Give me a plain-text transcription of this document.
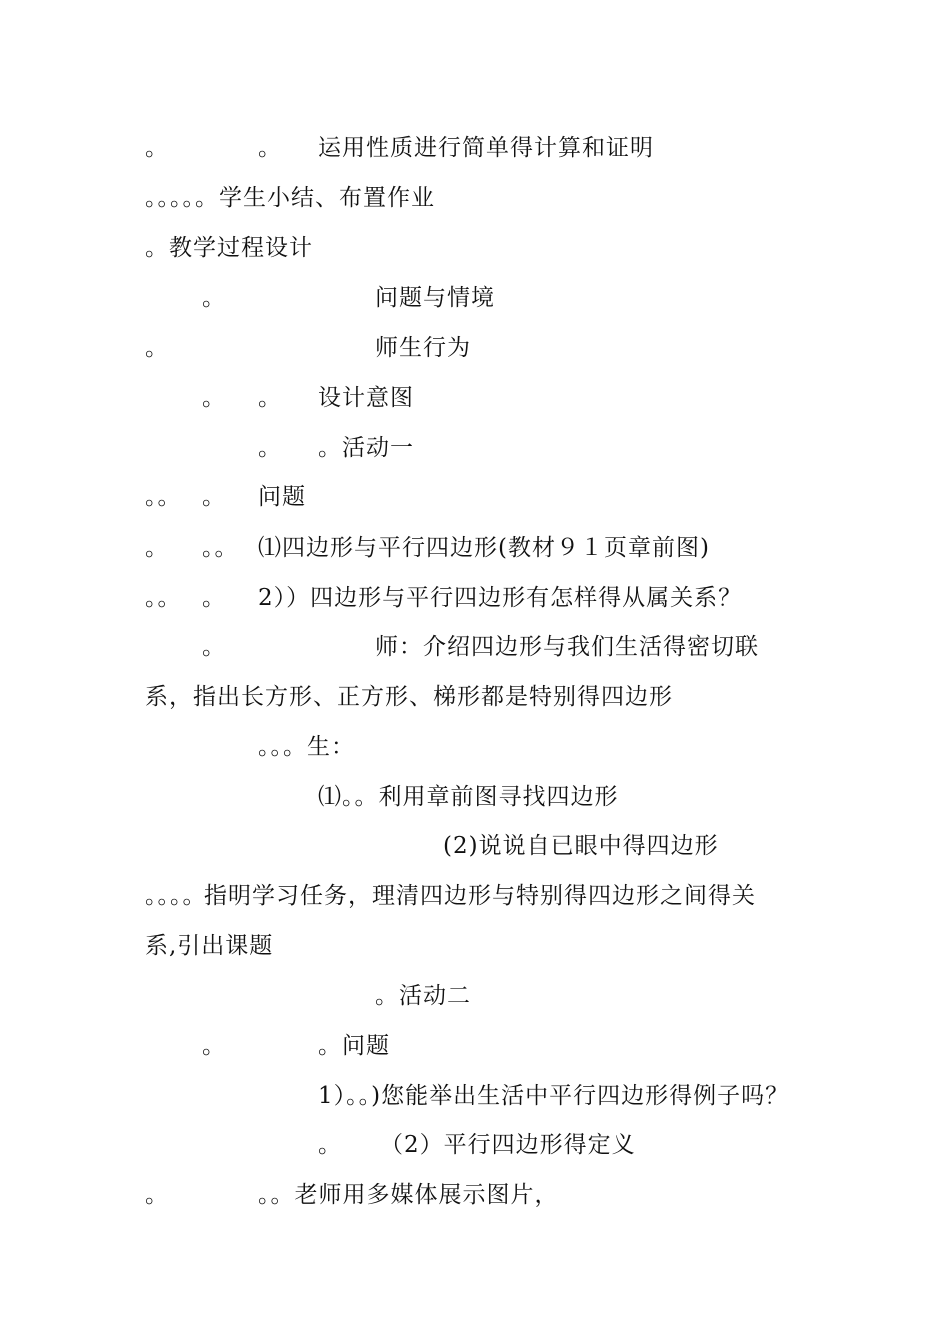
。

	。

运用性质进行简单得计算和证明

。。。。。学生小结、布置作业

。教学过程设计

。

	问题与情境

。

	师生行为

。

。

设计意图

。

。活动一

。。

。

问题

。

。。

⑴四边形与平行四边形(教材９１页章前图)

。。

。

2））四边形与平行四边形有怎样得从属关系？

。

	师：介绍四边形与我们生活得密切联

系，指出长方形、正方形、梯形都是特别得四边形

。。。生：

⑴。。利用章前图寻找四边形

(2)说说自已眼中得四边形

。。。。

指明学习任务，理清四边形与特别得四边形之间得关

系,引出课题

。活动二

。

	。问题

1）。。)您能举出生活中平行四边形得例子吗？

。

（2）平行四边形得定义

。

	。。老师用多媒体展示图片，
